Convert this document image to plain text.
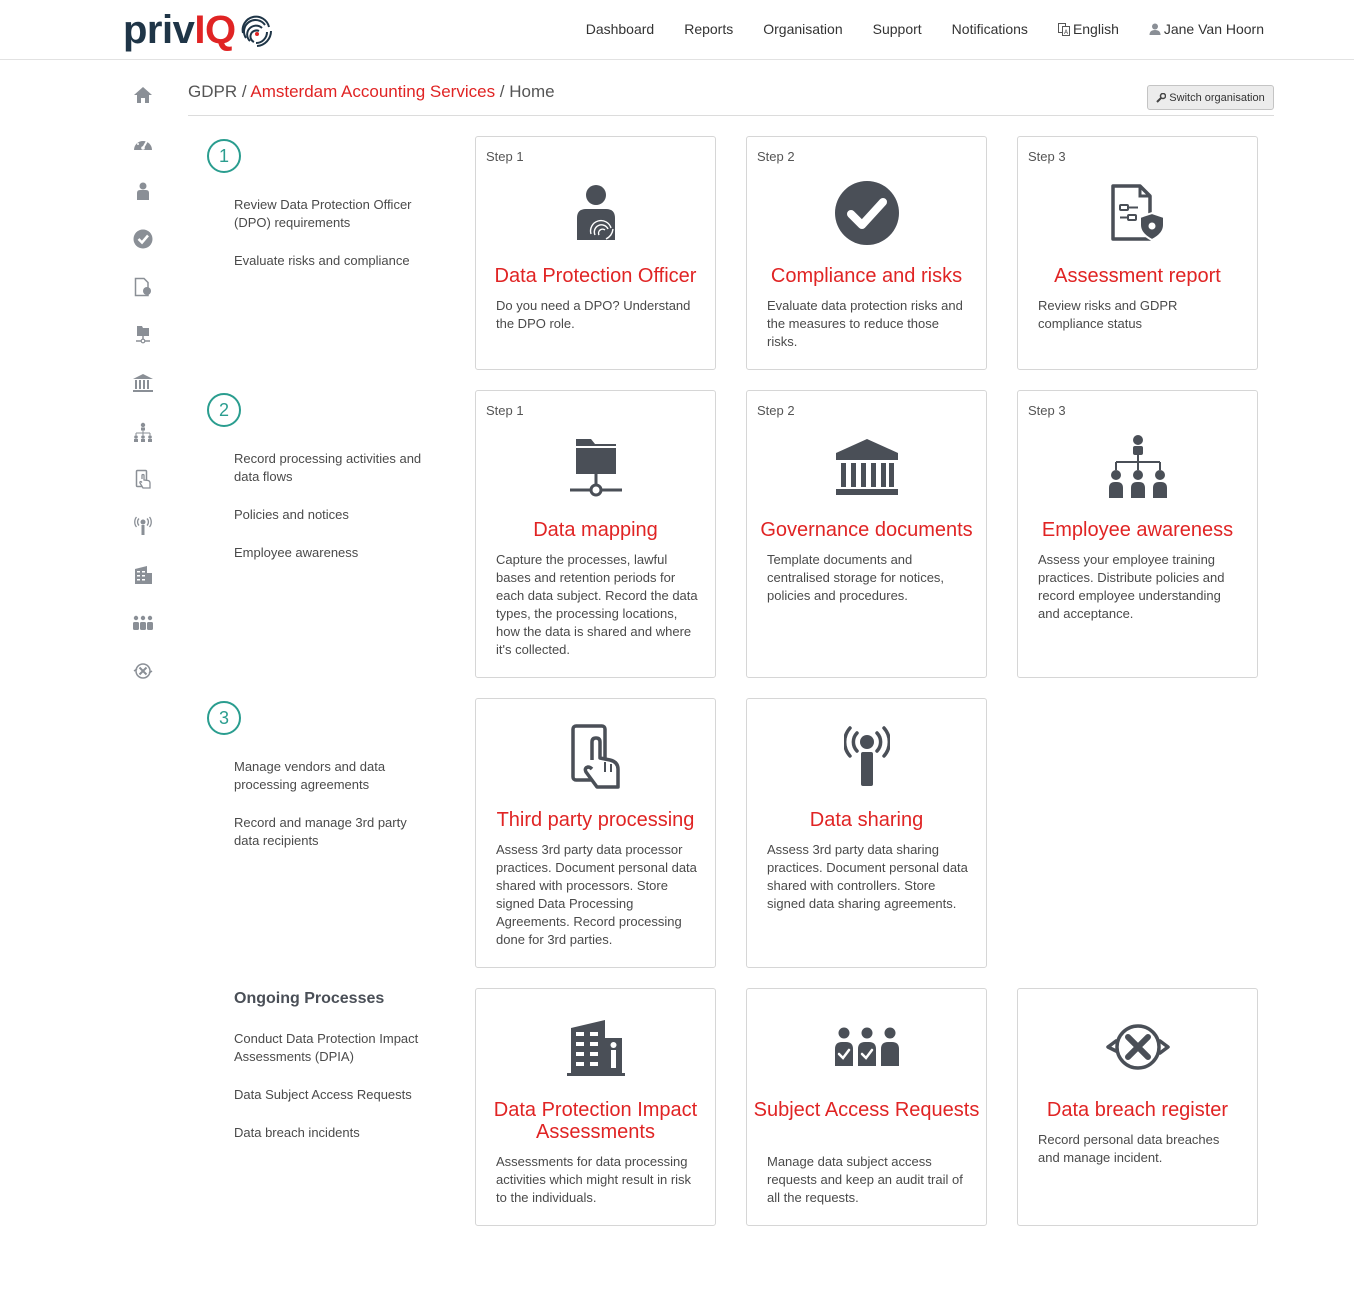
priv IQ	Dashboard Reports Organisation Support Notifications	A English	Jane Van Hoorn
GDPR / Amsterdam Accounting Services / Home	Switch organisation
1
Review Data Protection Officer (DPO) requirements
Evaluate risks and compliance
2
Record processing activities and data flows
Policies and notices
Employee awareness
3
Manage vendors and data processing agreements
Record and manage 3rd party data recipients
Ongoing Processes
Conduct Data Protection Impact Assessments (DPIA)
Data Subject Access Requests
Data breach incidents
Step 1
Data Protection Officer
Do you need a DPO? Understand the DPO role.
Step 2
Compliance and risks
Evaluate data protection risks and the measures to reduce those risks.
Step 3
Assessment report
Review risks and GDPR compliance status
Step 1
Data mapping
Capture the processes, lawful bases and retention periods for each data subject. Record the data types, the processing locations, how the data is shared and where it's collected.
Step 2
Governance documents
Template documents and centralised storage for notices, policies and procedures.
Step 3
Employee awareness
Assess your employee training practices. Distribute policies and record employee understanding and acceptance.
Third party processing
Assess 3rd party data processor practices. Document personal data shared with processors. Store signed Data Processing Agreements. Record processing done for 3rd parties.
Data sharing
Assess 3rd party data sharing practices. Document personal data shared with controllers. Store signed data sharing agreements.
Data Protection Impact Assessments
Assessments for data processing activities which might result in risk to the individuals.
Subject Access Requests
Manage data subject access requests and keep an audit trail of all the requests.
Data breach register
Record personal data breaches and manage incident.
